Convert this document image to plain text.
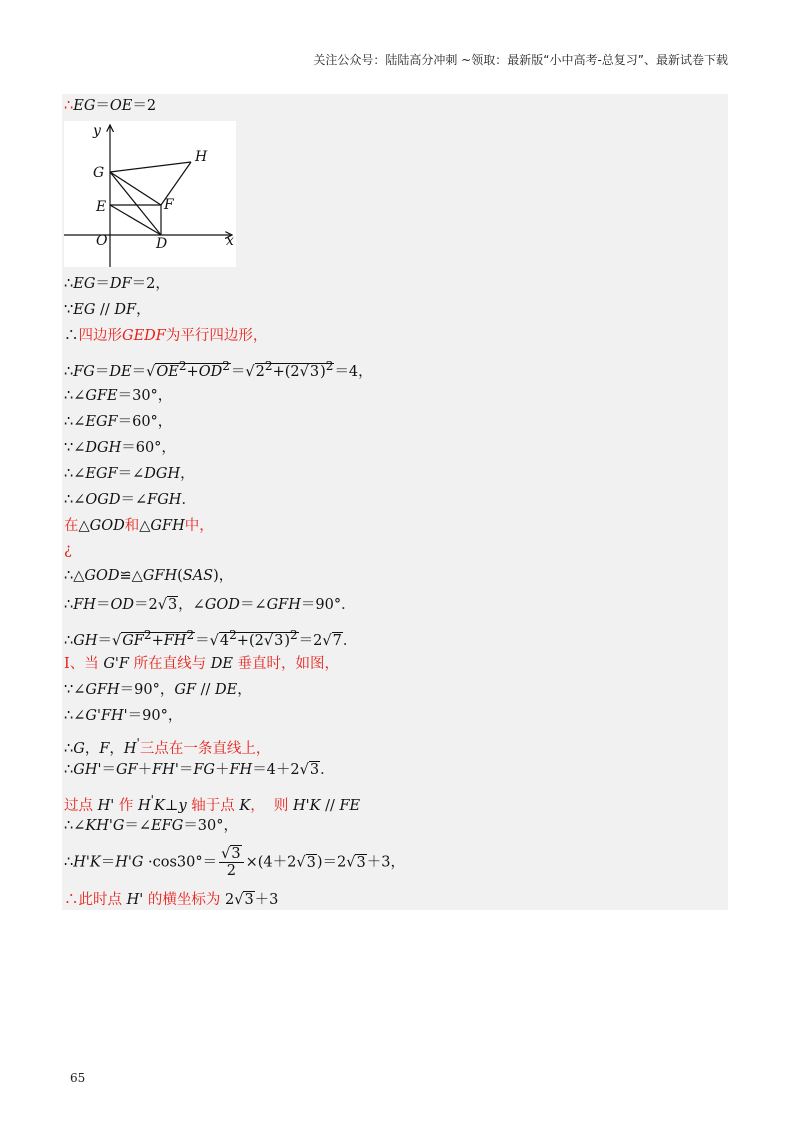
关注公众号：陆陆高分冲刺 ~领取：最新版“小中高考-总复习”、最新试卷下载
∴EG＝OE＝2
y
x
G
H
E	F
O	D
∴EG＝DF＝2，
∵EG // DF，
∴四边形GEDF为平行四边形，
$\therefore FG=DE=√OE^2+OD^2=√2^2+(2√3)^2=4$，
∴∠GFE＝30°，
∴∠EGF＝60°，
∵∠DGH＝60°，
∴∠EGF＝∠DGH，
∴∠OGD＝∠FGH．
在△GOD和△GFH中，
¿
∴△GOD≌△GFH(SAS)，
∴FH＝OD＝2√3，∠GOD＝∠GFH＝90°．
$\therefore GH=√GF^2+FH^2=√4^2+(2√3)^2=2√7$．
Ⅰ、当 G'F 所在直线与 DE 垂直时，如图，
∵∠GFH＝90°，GF // DE，
∴∠G'FH'＝90°，
∴G，F，H'三点在一条直线上，
∴GH'＝GF＋FH'＝FG＋FH＝4＋2√3．
过点 H' 作 H'K⊥y 轴于点 K，  则 H'K // FE
∴∠KH'G＝∠EFG＝30°，
∴H'K＝H'G $\cdot\cos 30^\circ= \frac{√3}{2} \times(4+2√3)=2√3+3$，
∴此时点 H' 的横坐标为 2√3＋3
65
